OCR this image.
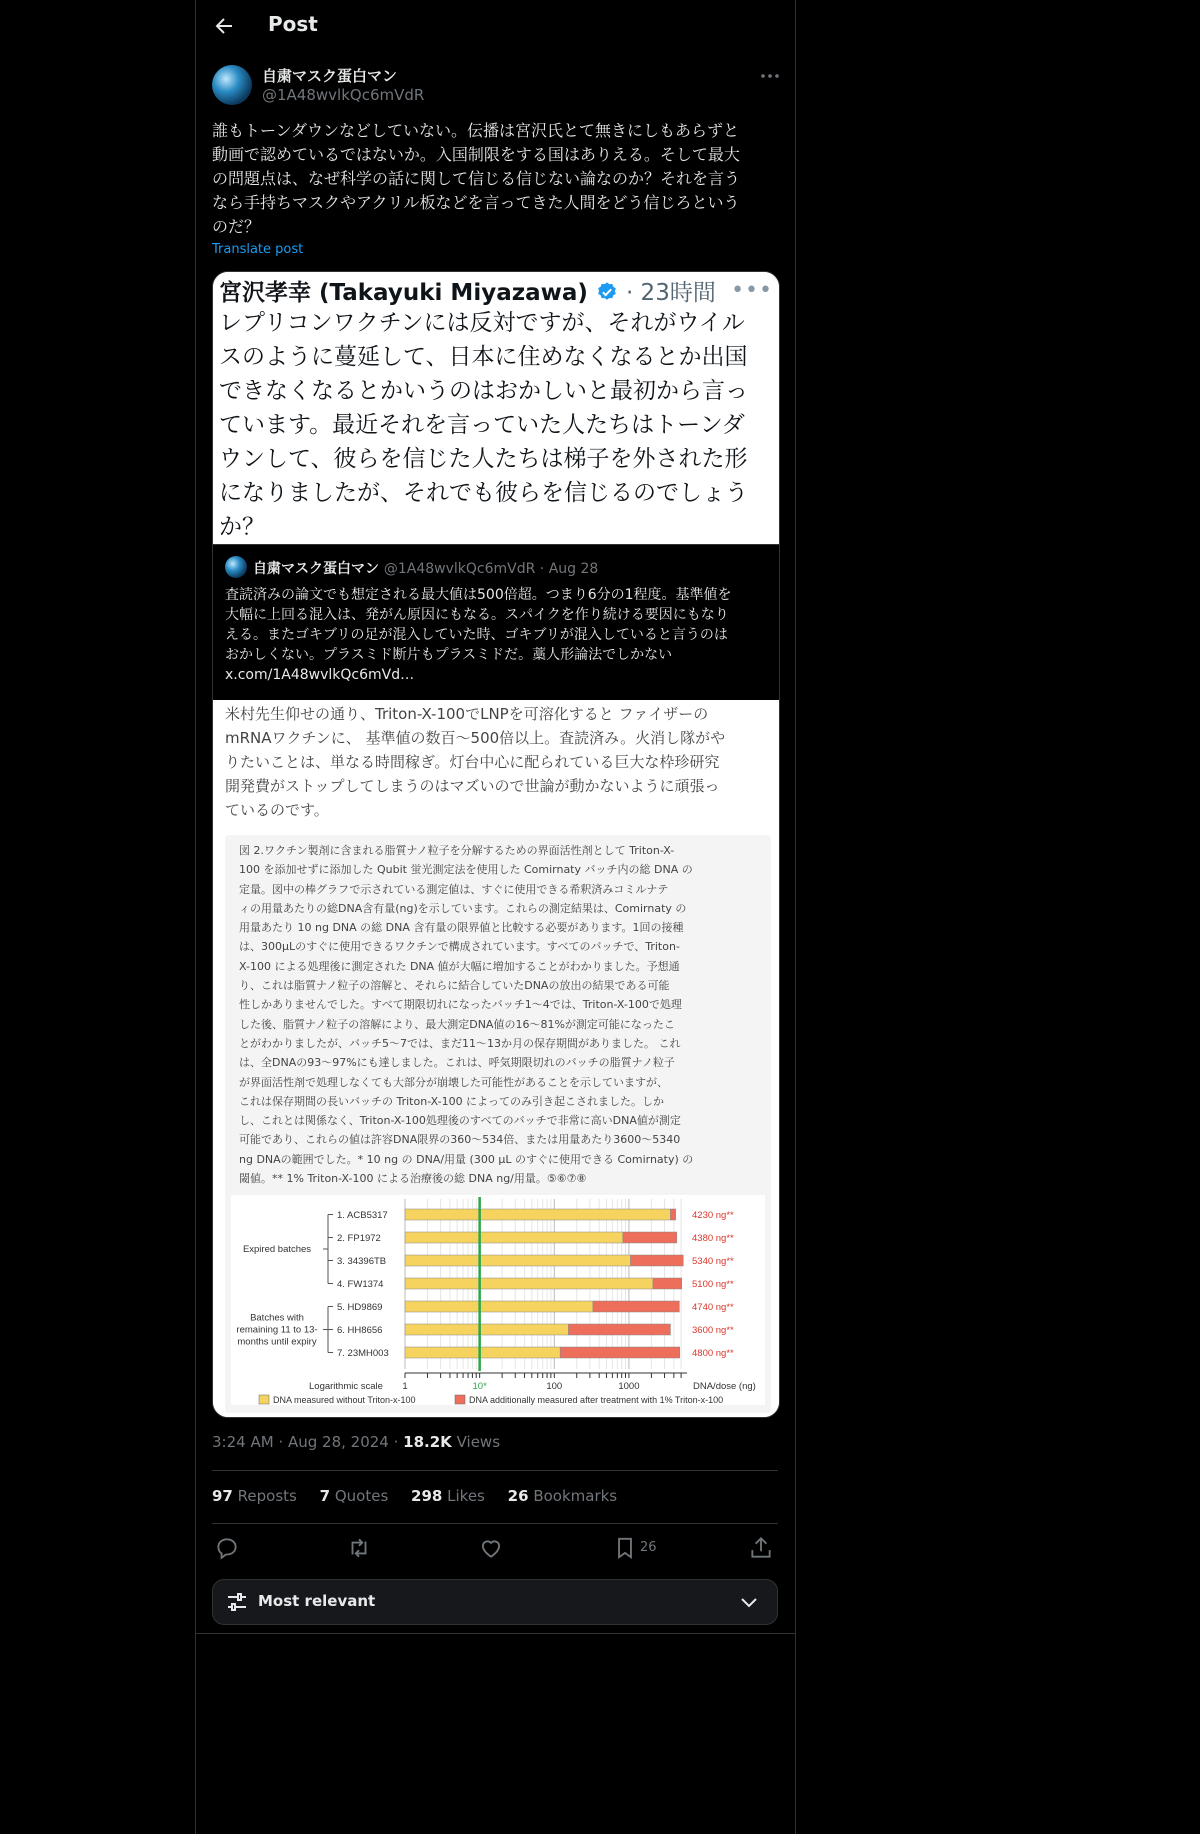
Post
自粛マスク蛋白マン
@1A48wvlkQc6mVdR
誰もトーンダウンなどしていない。伝播は宮沢氏とて無きにしもあらずと
動画で認めているではないか。入国制限をする国はありえる。そして最大
の問題点は、なぜ科学の話に関して信じる信じない論なのか？それを言う
なら手持ちマスクやアクリル板などを言ってきた人間をどう信じろという
のだ？
Translate post
宮沢孝幸 (Takayuki Miyazawa) · 23時間 •••
レプリコンワクチンには反対ですが、それがウイル
スのように蔓延して、日本に住めなくなるとか出国
できなくなるとかいうのはおかしいと最初から言っ
ています。最近それを言っていた人たちはトーンダ
ウンして、彼らを信じた人たちは梯子を外された形
になりましたが、それでも彼らを信じるのでしょう
か？
自粛マスク蛋白マン @1A48wvlkQc6mVdR · Aug 28
査読済みの論文でも想定される最大値は500倍超。つまり6分の1程度。基準値を
大幅に上回る混入は、発がん原因にもなる。スパイクを作り続ける要因にもなり
える。またゴキブリの足が混入していた時、ゴキブリが混入していると言うのは
おかしくない。プラスミド断片もプラスミドだ。藁人形論法でしかない
x.com/1A48wvlkQc6mVd…
米村先生仰せの通り、Triton-X-100でLNPを可溶化すると ファイザーの
mRNAワクチンに、 基準値の数百〜500倍以上。査読済み。火消し隊がや
りたいことは、単なる時間稼ぎ。灯台中心に配られている巨大な枠珍研究
開発費がストップしてしまうのはマズいので世論が動かないように頑張っ
ているのです。
図 2.ワクチン製剤に含まれる脂質ナノ粒子を分解するための界面活性剤として Triton-X-
100 を添加せずに添加した Qubit 蛍光測定法を使用した Comirnaty バッチ内の総 DNA の
定量。図中の棒グラフで示されている測定値は、すぐに使用できる希釈済みコミルナテ
ィの用量あたりの総DNA含有量(ng)を示しています。これらの測定結果は、Comirnaty の
用量あたり 10 ng DNA の総 DNA 含有量の限界値と比較する必要があります。1回の接種
は、300μLのすぐに使用できるワクチンで構成されています。すべてのバッチで、Triton-
X-100 による処理後に測定された DNA 値が大幅に増加することがわかりました。予想通
り、これは脂質ナノ粒子の溶解と、それらに結合していたDNAの放出の結果である可能
性しかありませんでした。すべて期限切れになったバッチ1〜4では、Triton-X-100で処理
した後、脂質ナノ粒子の溶解により、最大測定DNA値の16〜81%が測定可能になったこ
とがわかりましたが、バッチ5〜7では、まだ11〜13か月の保存期間がありました。 これ
は、全DNAの93〜97%にも達しました。これは、呼気期限切れのバッチの脂質ナノ粒子
が界面活性剤で処理しなくても大部分が崩壊した可能性があることを示していますが、
これは保存期間の長いバッチの Triton-X-100 によってのみ引き起こされました。しか
し、これとは関係なく、Triton-X-100処理後のすべてのバッチで非常に高いDNA値が測定
可能であり、これらの値は許容DNA限界の360〜534倍、または用量あたり3600〜5340
ng DNAの範囲でした。* 10 ng の DNA/用量 (300 μL のすぐに使用できる Comirnaty) の
閾値。** 1% Triton-X-100 による治療後の総 DNA ng/用量。⑤⑥⑦⑧
1. ACB5317	4230 ng**
2. FP1972	4380 ng**
3. 34396TB	5340 ng**
4. FW1374	5100 ng**
5. HD9869	4740 ng**
6. HH8656	3600 ng**
7. 23MH003	4800 ng**
Expired batches
Batches with remaining 11 to 13-months until expiry
1	10*	100	1000
Logarithmic scale	DNA/dose (ng)
DNA measured without Triton-x-100	DNA additionally measured after treatment with 1% Triton-x-100
3:24 AM · Aug 28, 2024 · 18.2K Views
97 Reposts 7 Quotes 298 Likes 26 Bookmarks
26
Most relevant
